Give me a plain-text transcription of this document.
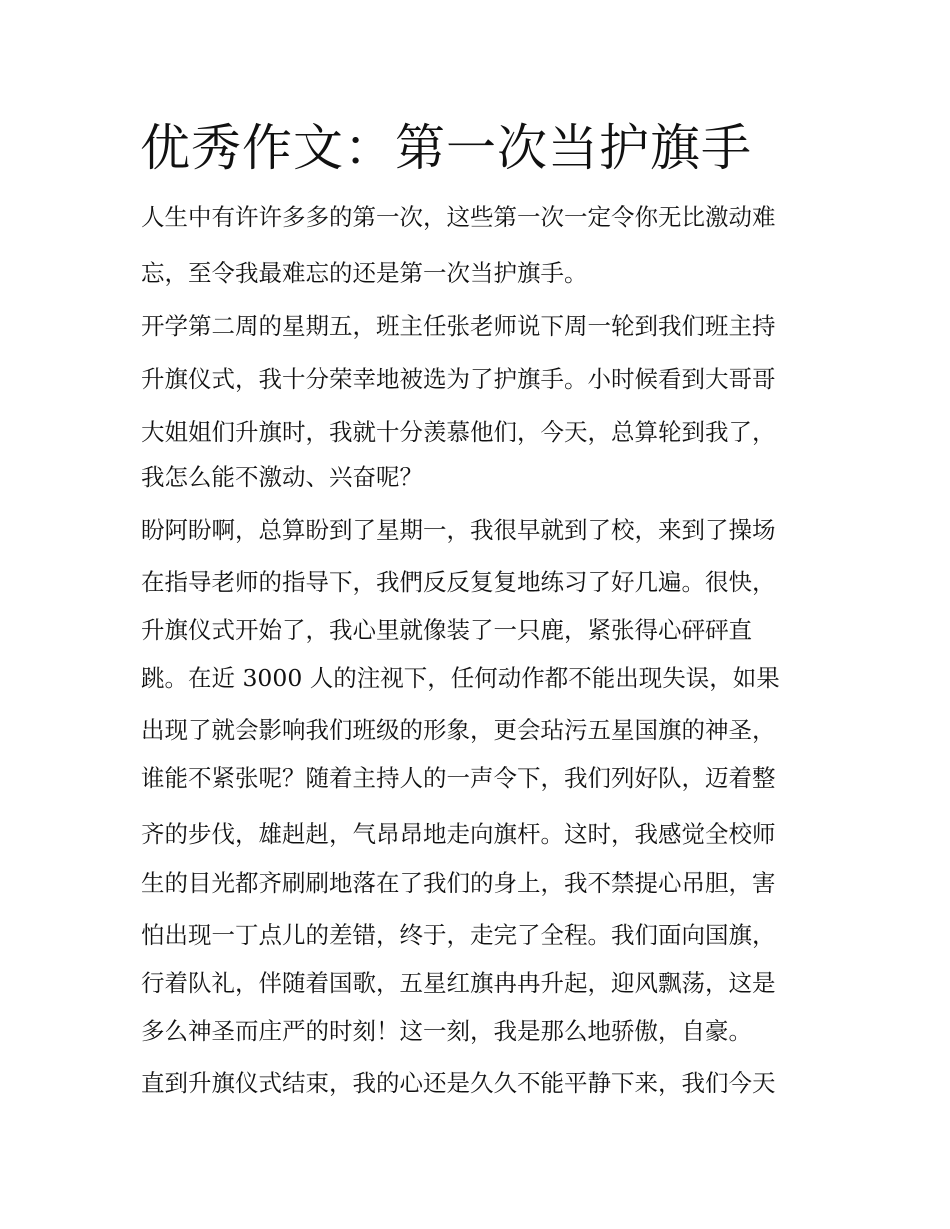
优秀作文：第一次当护旗手

人生中有许许多多的第一次，这些第一次一定令你无比激动难

忘，至令我最难忘的还是第一次当护旗手。

开学第二周的星期五，班主任张老师说下周一轮到我们班主持

升旗仪式，我十分荣幸地被选为了护旗手。小时候看到大哥哥

大姐姐们升旗时，我就十分羡慕他们，今天，总算轮到我了，

我怎么能不激动、兴奋呢？

盼阿盼啊，总算盼到了星期一，我很早就到了校，来到了操场

在指导老师的指导下，我們反反复复地练习了好几遍。很快，

升旗仪式开始了，我心里就像装了一只鹿，紧张得心砰砰直

跳。在近 3000 人的注视下，任何动作都不能出现失误，如果

出现了就会影响我们班级的形象，更会玷污五星国旗的神圣，

谁能不紧张呢？随着主持人的一声令下，我们列好队，迈着整

齐的步伐，雄赳赳，气昂昂地走向旗杆。这时，我感觉全校师

生的目光都齐刷刷地落在了我们的身上，我不禁提心吊胆，害

怕出现一丁点儿的差错，终于，走完了全程。我们面向国旗，

行着队礼，伴随着国歌，五星红旗冉冉升起，迎风飘荡，这是

多么神圣而庄严的时刻！这一刻，我是那么地骄傲，自豪。

直到升旗仪式结束，我的心还是久久不能平静下来，我们今天
